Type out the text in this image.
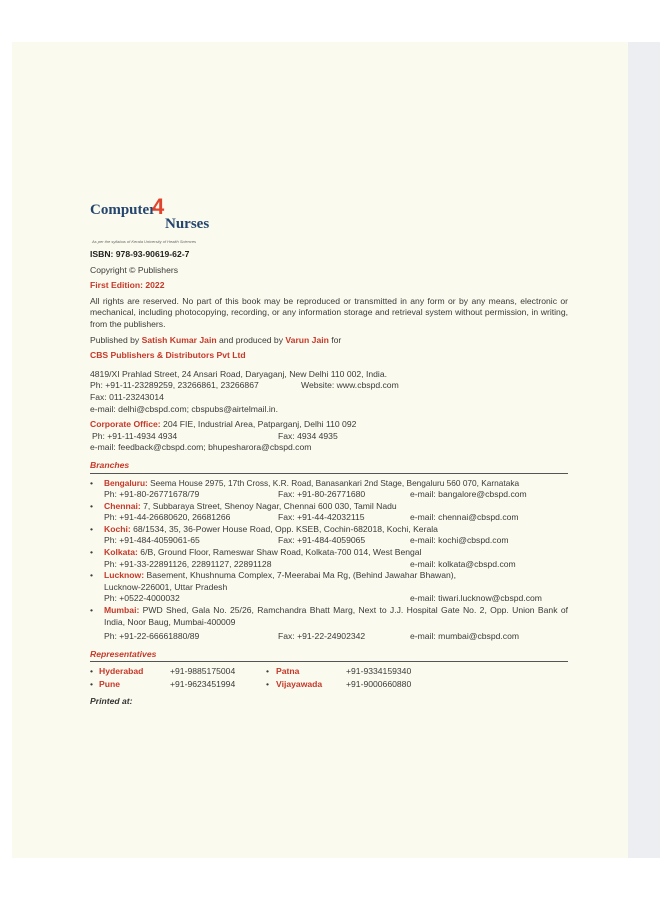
Computer
4
Nurses
As per the syllabus of Kerala University of Health Sciences

ISBN: 978-93-90619-62-7

Copyright © Publishers

First Edition: 2022

All rights are reserved. No part of this book may be reproduced or transmitted in any form or by any means, electronic or mechanical, including photocopying, recording, or any information storage and retrieval system without permission, in writing, from the publishers.

Published by Satish Kumar Jain and produced by Varun Jain for

CBS Publishers & Distributors Pvt Ltd

4819/XI Prahlad Street, 24 Ansari Road, Daryaganj, New Delhi 110 002, India.

Ph: +91-11-23289259, 23266861, 23266867	Website: www.cbspd.com

Fax: 011-23243014

e-mail: delhi@cbspd.com; cbspubs@airtelmail.in.

Corporate Office: 204 FIE, Industrial Area, Patparganj, Delhi 110 092

Ph: +91-11-4934 4934	Fax: 4934 4935

e-mail: feedback@cbspd.com; bhupesharora@cbspd.com

Branches
• Bengaluru: Seema House 2975, 17th Cross, K.R. Road, Banasankari 2nd Stage, Bengaluru 560 070, Karnataka

Ph: +91-80-26771678/79	Fax: +91-80-26771680	e-mail: bangalore@cbspd.com
• Chennai: 7, Subbaraya Street, Shenoy Nagar, Chennai 600 030, Tamil Nadu

Ph: +91-44-26680620, 26681266	Fax: +91-44-42032115	e-mail: chennai@cbspd.com
• Kochi: 68/1534, 35, 36-Power House Road, Opp. KSEB, Cochin-682018, Kochi, Kerala

Ph: +91-484-4059061-65	Fax: +91-484-4059065	e-mail: kochi@cbspd.com
• Kolkata: 6/B, Ground Floor, Rameswar Shaw Road, Kolkata-700 014, West Bengal

Ph: +91-33-22891126, 22891127, 22891128	e-mail: kolkata@cbspd.com
• Lucknow: Basement, Khushnuma Complex, 7-Meerabai Ma Rg, (Behind Jawahar Bhawan), Lucknow-226001, Uttar Pradesh

Ph: +0522-4000032	e-mail: tiwari.lucknow@cbspd.com
• Mumbai: PWD Shed, Gala No. 25/26, Ramchandra Bhatt Marg, Next to J.J. Hospital Gate No. 2, Opp. Union Bank of India, Noor Baug, Mumbai-400009

Ph: +91-22-66661880/89	Fax: +91-22-24902342	e-mail: mumbai@cbspd.com
Representatives
• Hyderabad	+91-9885175004	• Patna	+91-9334159340
• Pune	+91-9623451994	• Vijayawada	+91-9000660880

Printed at:
